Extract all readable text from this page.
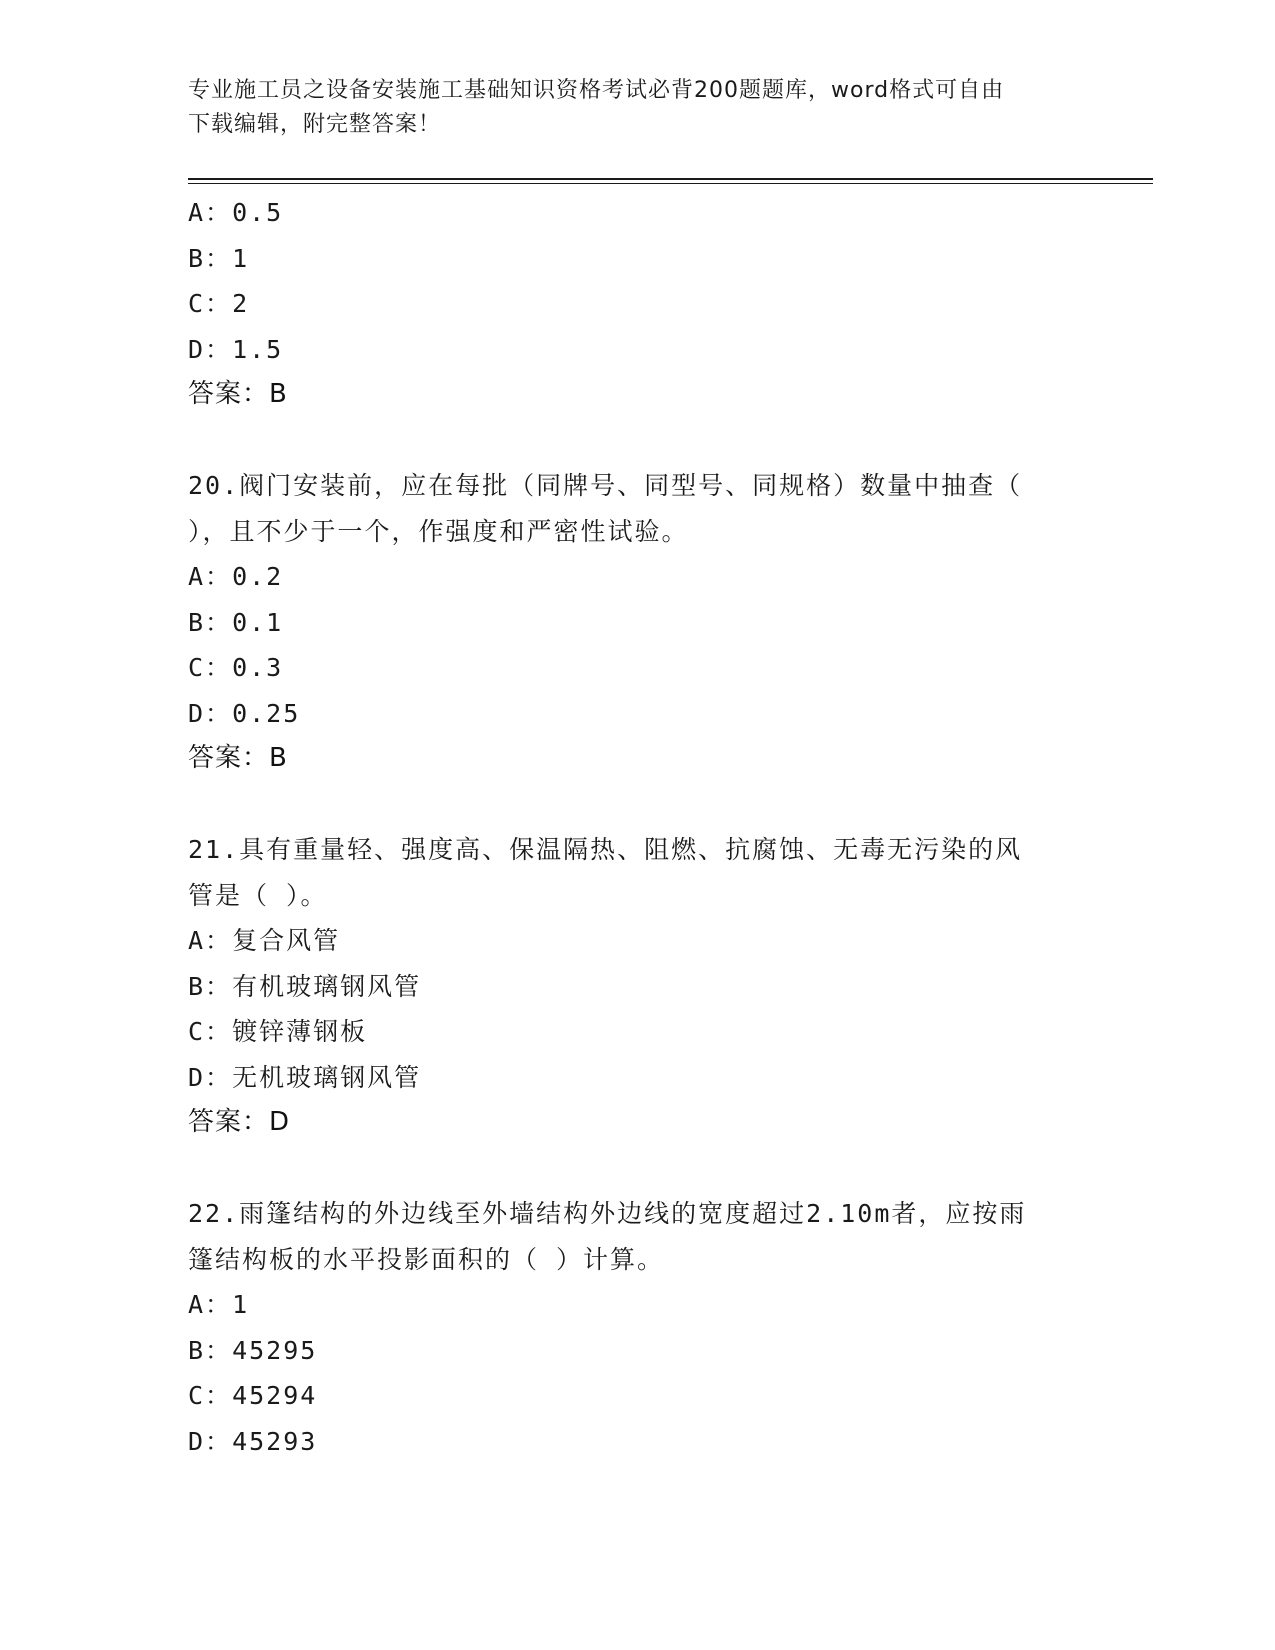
专业施工员之设备安装施工基础知识资格考试必背200题题库，word格式可自由
下载编辑，附完整答案！
A：0.5
B：1
C：2
D：1.5
答案：B
20.阀门安装前，应在每批（同牌号、同型号、同规格）数量中抽查（
），且不少于一个，作强度和严密性试验。
A：0.2
B：0.1
C：0.3
D：0.25
答案：B
21.具有重量轻、强度高、保温隔热、阻燃、抗腐蚀、无毒无污染的风
管是（ ）。
A：复合风管
B：有机玻璃钢风管
C：镀锌薄钢板
D：无机玻璃钢风管
答案：D
22.雨篷结构的外边线至外墙结构外边线的宽度超过2.10m者，应按雨
篷结构板的水平投影面积的（ ）计算。
A：1
B：45295
C：45294
D：45293
